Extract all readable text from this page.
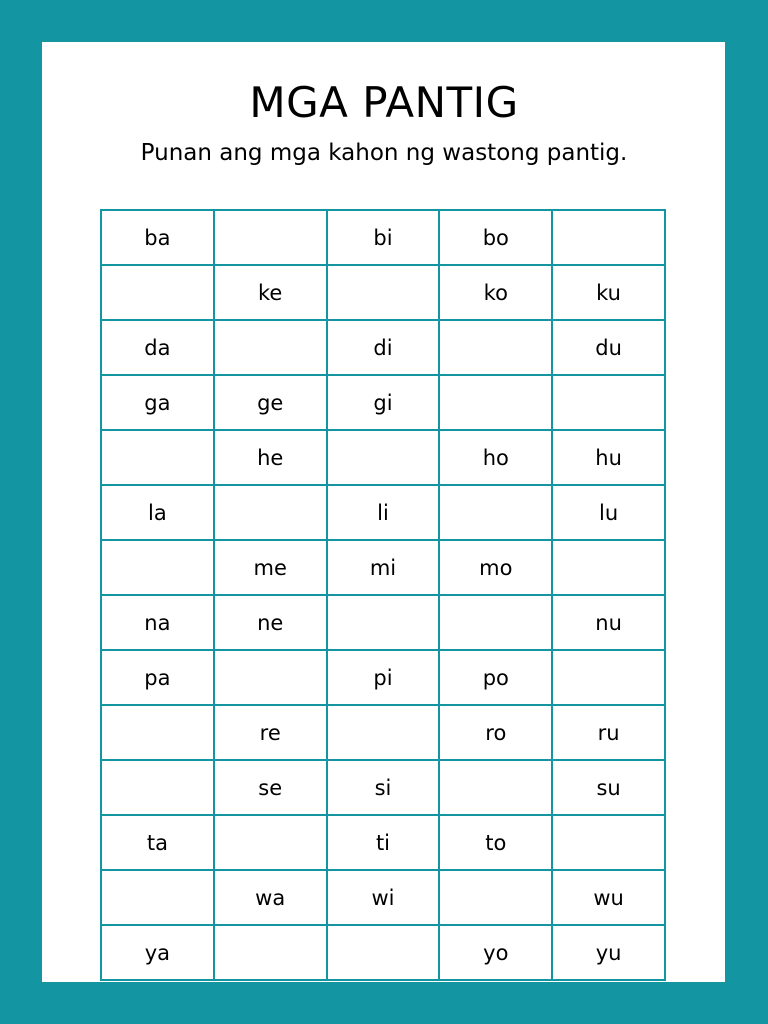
MGA PANTIG

Punan ang mga kahon ng wastong pantig.

ba		bi	bo	
	ke		ko	ku
da		di		du
ga	ge	gi		
	he		ho	hu
la		li		lu
	me	mi	mo	
na	ne			nu
pa		pi	po	
	re		ro	ru
	se	si		su
ta		ti	to	
	wa	wi		wu
ya			yo	yu
